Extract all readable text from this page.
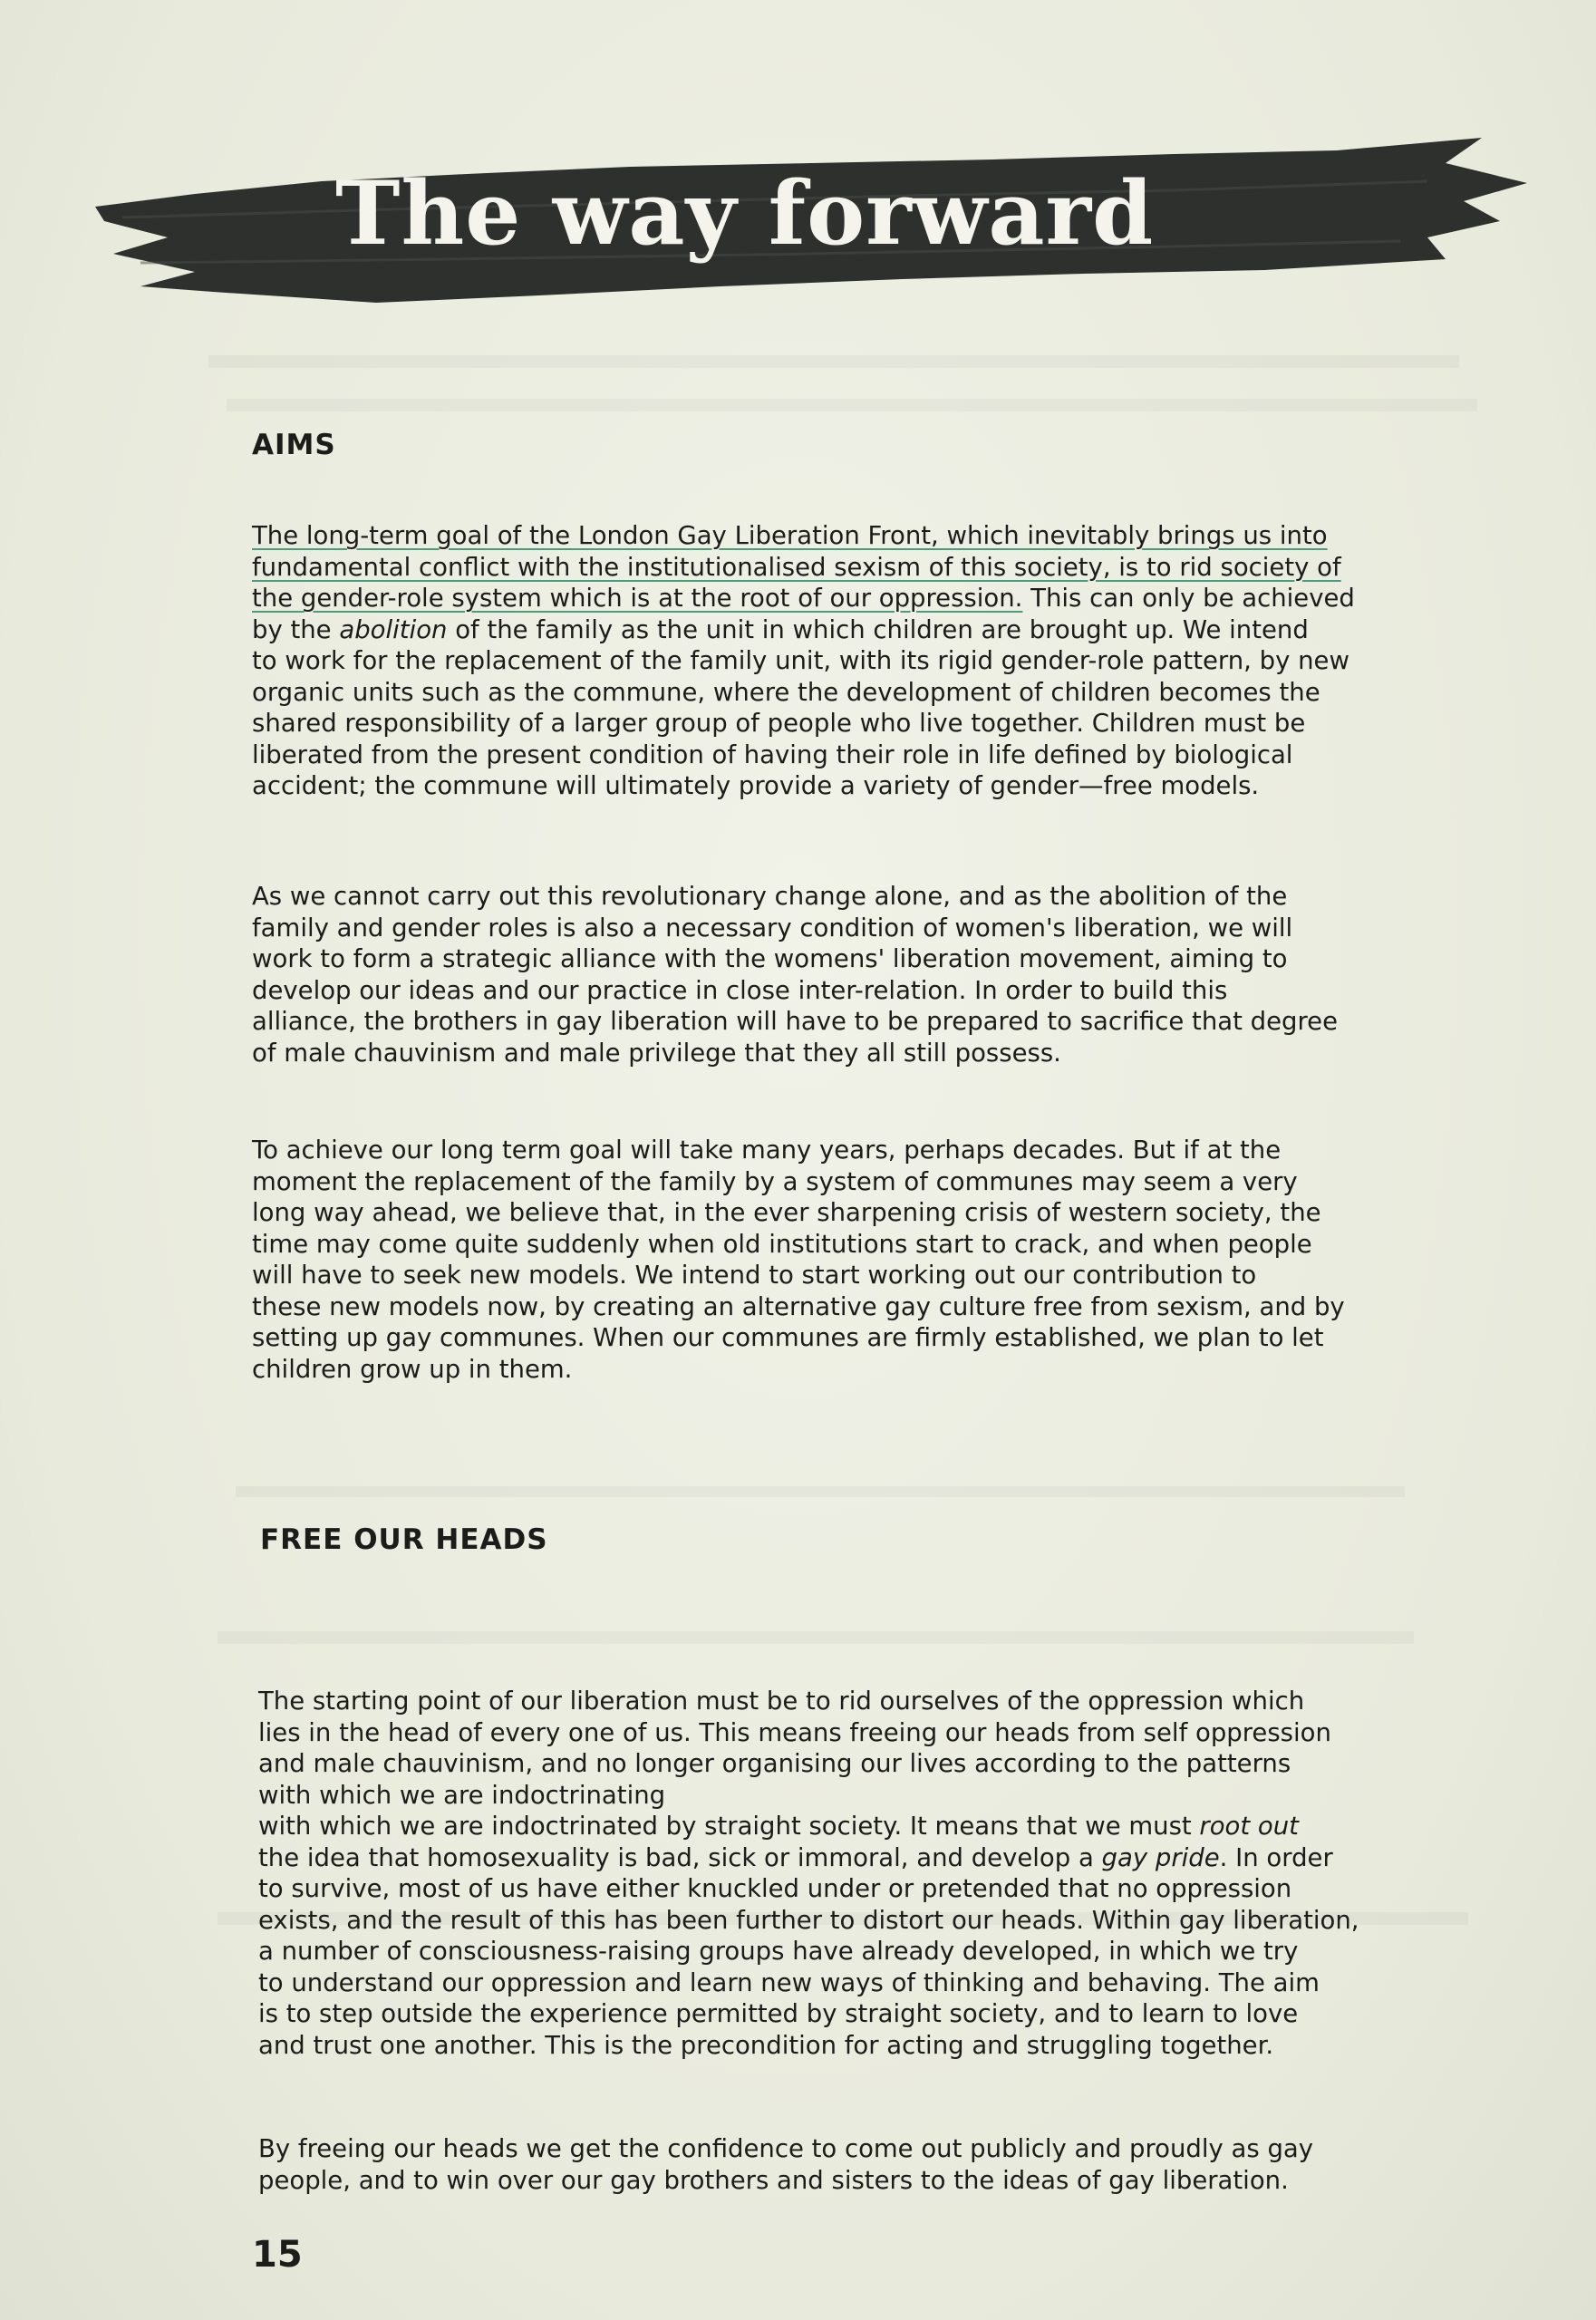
The way forward
AIMS
The long-term goal of the London Gay Liberation Front, which inevitably brings us into
fundamental conflict with the institutionalised sexism of this society, is to rid society of
the gender-role system which is at the root of our oppression. This can only be achieved
by the abolition of the family as the unit in which children are brought up. We intend
to work for the replacement of the family unit, with its rigid gender-role pattern, by new
organic units such as the commune, where the development of children becomes the
shared responsibility of a larger group of people who live together. Children must be
liberated from the present condition of having their role in life defined by biological
accident; the commune will ultimately provide a variety of gender—free models.
As we cannot carry out this revolutionary change alone, and as the abolition of the
family and gender roles is also a necessary condition of women's liberation, we will
work to form a strategic alliance with the womens' liberation movement, aiming to
develop our ideas and our practice in close inter-relation. In order to build this
alliance, the brothers in gay liberation will have to be prepared to sacrifice that degree
of male chauvinism and male privilege that they all still possess.
To achieve our long term goal will take many years, perhaps decades. But if at the
moment the replacement of the family by a system of communes may seem a very
long way ahead, we believe that, in the ever sharpening crisis of western society, the
time may come quite suddenly when old institutions start to crack, and when people
will have to seek new models. We intend to start working out our contribution to
these new models now, by creating an alternative gay culture free from sexism, and by
setting up gay communes. When our communes are firmly established, we plan to let
children grow up in them.
FREE OUR HEADS
The starting point of our liberation must be to rid ourselves of the oppression which
lies in the head of every one of us. This means freeing our heads from self oppression
and male chauvinism, and no longer organising our lives according to the patterns
with which we are indoctrinating
with which we are indoctrinated by straight society. It means that we must root out
the idea that homosexuality is bad, sick or immoral, and develop a gay pride. In order
to survive, most of us have either knuckled under or pretended that no oppression
exists, and the result of this has been further to distort our heads. Within gay liberation,
a number of consciousness-raising groups have already developed, in which we try
to understand our oppression and learn new ways of thinking and behaving. The aim
is to step outside the experience permitted by straight society, and to learn to love
and trust one another. This is the precondition for acting and struggling together.
By freeing our heads we get the confidence to come out publicly and proudly as gay
people, and to win over our gay brothers and sisters to the ideas of gay liberation.

15
